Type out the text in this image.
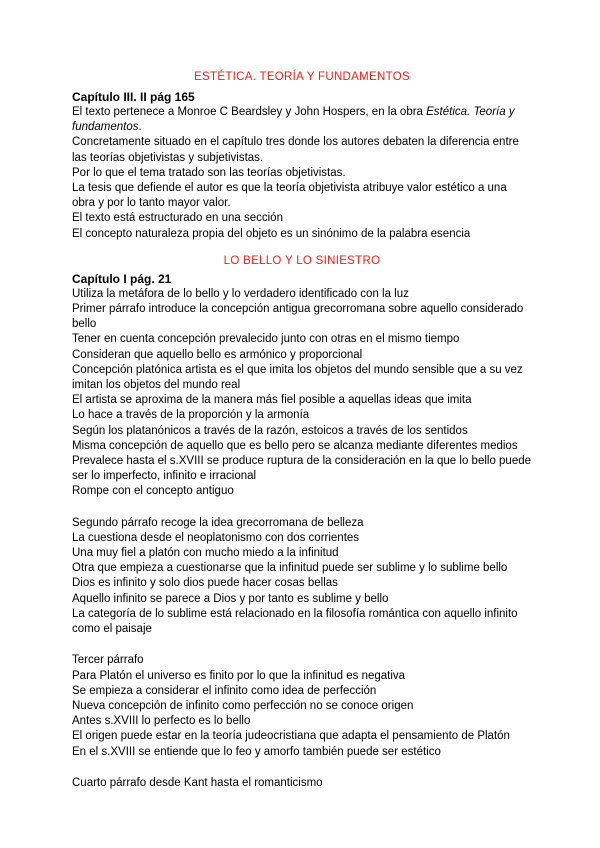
ESTÉTICA. TEORÍA Y FUNDAMENTOS
Capítulo III. II pág 165

El texto pertenece a Monroe C Beardsley y John Hospers, en la obra Estética. Teoría y fundamentos.

Concretamente situado en el capítulo tres donde los autores debaten la diferencia entre las teorías objetivistas y subjetivistas.

Por lo que el tema tratado son las teorías objetivistas.

La tesis que defiende el autor es que la teoría objetivista atribuye valor estético a una obra y por lo tanto mayor valor.

El texto está estructurado en una sección

El concepto naturaleza propia del objeto es un sinónimo de la palabra esencia

LO BELLO Y LO SINIESTRO
Capítulo I pág. 21

Utiliza la metáfora de lo bello y lo verdadero identificado con la luz

Primer párrafo introduce la concepción antigua grecorromana sobre aquello considerado bello

Tener en cuenta concepción prevalecido junto con otras en el mismo tiempo

Consideran que aquello bello es armónico y proporcional

Concepción platónica artista es el que imita los objetos del mundo sensible que a su vez imitan los objetos del mundo real

El artista se aproxima de la manera más fiel posible a aquellas ideas que imita

Lo hace a través de la proporción y la armonía

Según los platanónicos a través de la razón, estoicos a través de los sentidos

Misma concepción de aquello que es bello pero se alcanza mediante diferentes medios

Prevalece hasta el s.XVIII se produce ruptura de la consideración en la que lo bello puede ser lo imperfecto, infinito e irracional

Rompe con el concepto antiguo

Segundo párrafo recoge la idea grecorromana de belleza

La cuestiona desde el neoplatonismo con dos corrientes

Una muy fiel a platón con mucho miedo a la infinitud

Otra que empieza a cuestionarse que la infinitud puede ser sublime y lo sublime bello

Dios es infinito y solo dios puede hacer cosas bellas

Aquello infinito se parece a Dios y por tanto es sublime y bello

La categoría de lo sublime está relacionado en la filosofía romántica con aquello infinito como el paisaje

Tercer párrafo

Para Platón el universo es finito por lo que la infinitud es negativa

Se empieza a considerar el infinito como idea de perfección

Nueva concepción de infinito como perfección no se conoce origen

Antes s.XVIII lo perfecto es lo bello

El origen puede estar en la teoría judeocristiana que adapta el pensamiento de Platón

En el s.XVIII se entiende que lo feo y amorfo también puede ser estético

Cuarto párrafo desde Kant hasta el romanticismo
